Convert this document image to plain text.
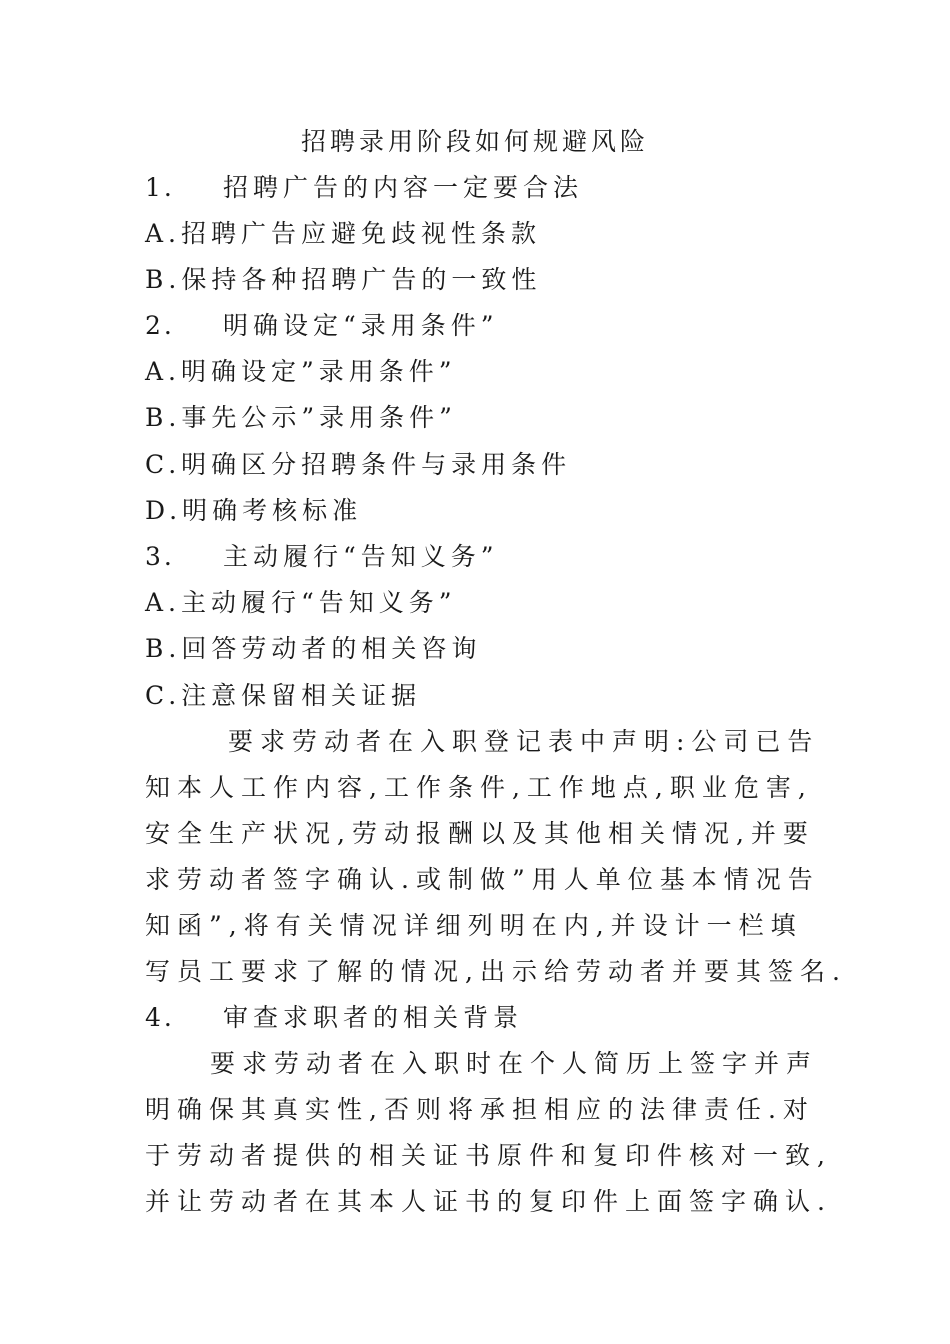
招聘录用阶段如何规避风险
1. 招聘广告的内容一定要合法
A.招聘广告应避免歧视性条款
B.保持各种招聘广告的一致性
2. 明确设定“录用条件”
A.明确设定”录用条件”
B.事先公示”录用条件”
C.明确区分招聘条件与录用条件
D.明确考核标准
3. 主动履行“告知义务”
A.主动履行“告知义务”
B.回答劳动者的相关咨询
C.注意保留相关证据
要求劳动者在入职登记表中声明:公司已告
知本人工作内容,工作条件,工作地点,职业危害,
安全生产状况,劳动报酬以及其他相关情况,并要
求劳动者签字确认.或制做”用人单位基本情况告
知函”,将有关情况详细列明在内,并设计一栏填
写员工要求了解的情况,出示给劳动者并要其签名.
4. 审查求职者的相关背景
要求劳动者在入职时在个人简历上签字并声
明确保其真实性,否则将承担相应的法律责任.对
于劳动者提供的相关证书原件和复印件核对一致,
并让劳动者在其本人证书的复印件上面签字确认.
